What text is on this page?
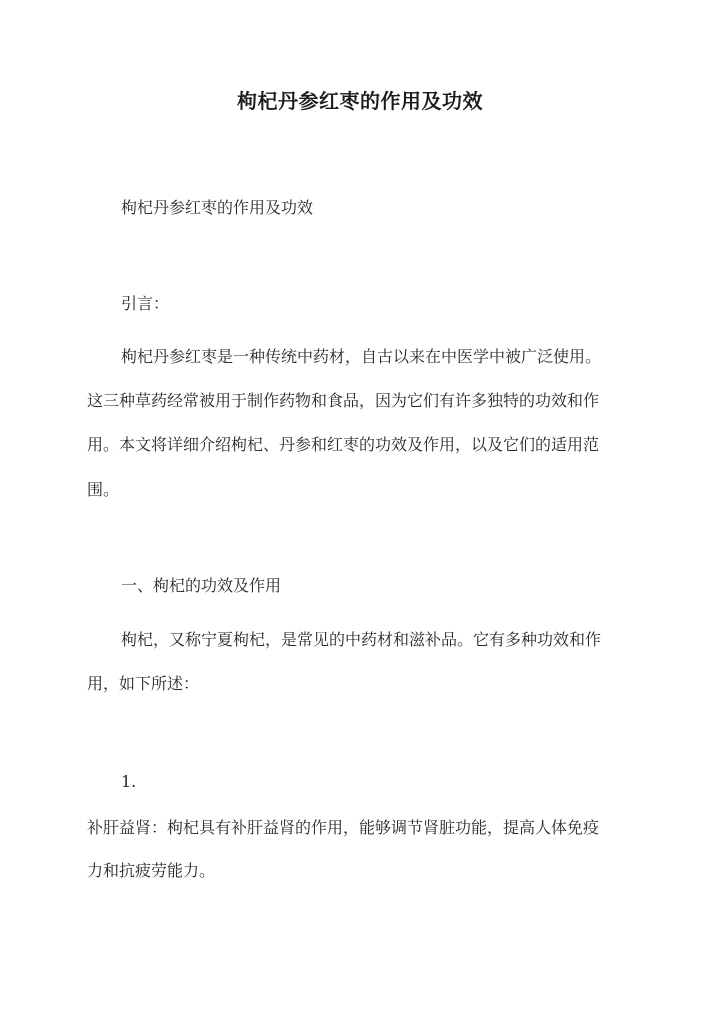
枸杞丹参红枣的作用及功效
枸杞丹参红枣的作用及功效
引言：
枸杞丹参红枣是一种传统中药材，自古以来在中医学中被广泛使用。
这三种草药经常被用于制作药物和食品，因为它们有许多独特的功效和作
用。本文将详细介绍枸杞、丹参和红枣的功效及作用，以及它们的适用范
围。
一、枸杞的功效及作用
枸杞，又称宁夏枸杞，是常见的中药材和滋补品。它有多种功效和作
用，如下所述：
1.
补肝益肾：枸杞具有补肝益肾的作用，能够调节肾脏功能，提高人体免疫
力和抗疲劳能力。
